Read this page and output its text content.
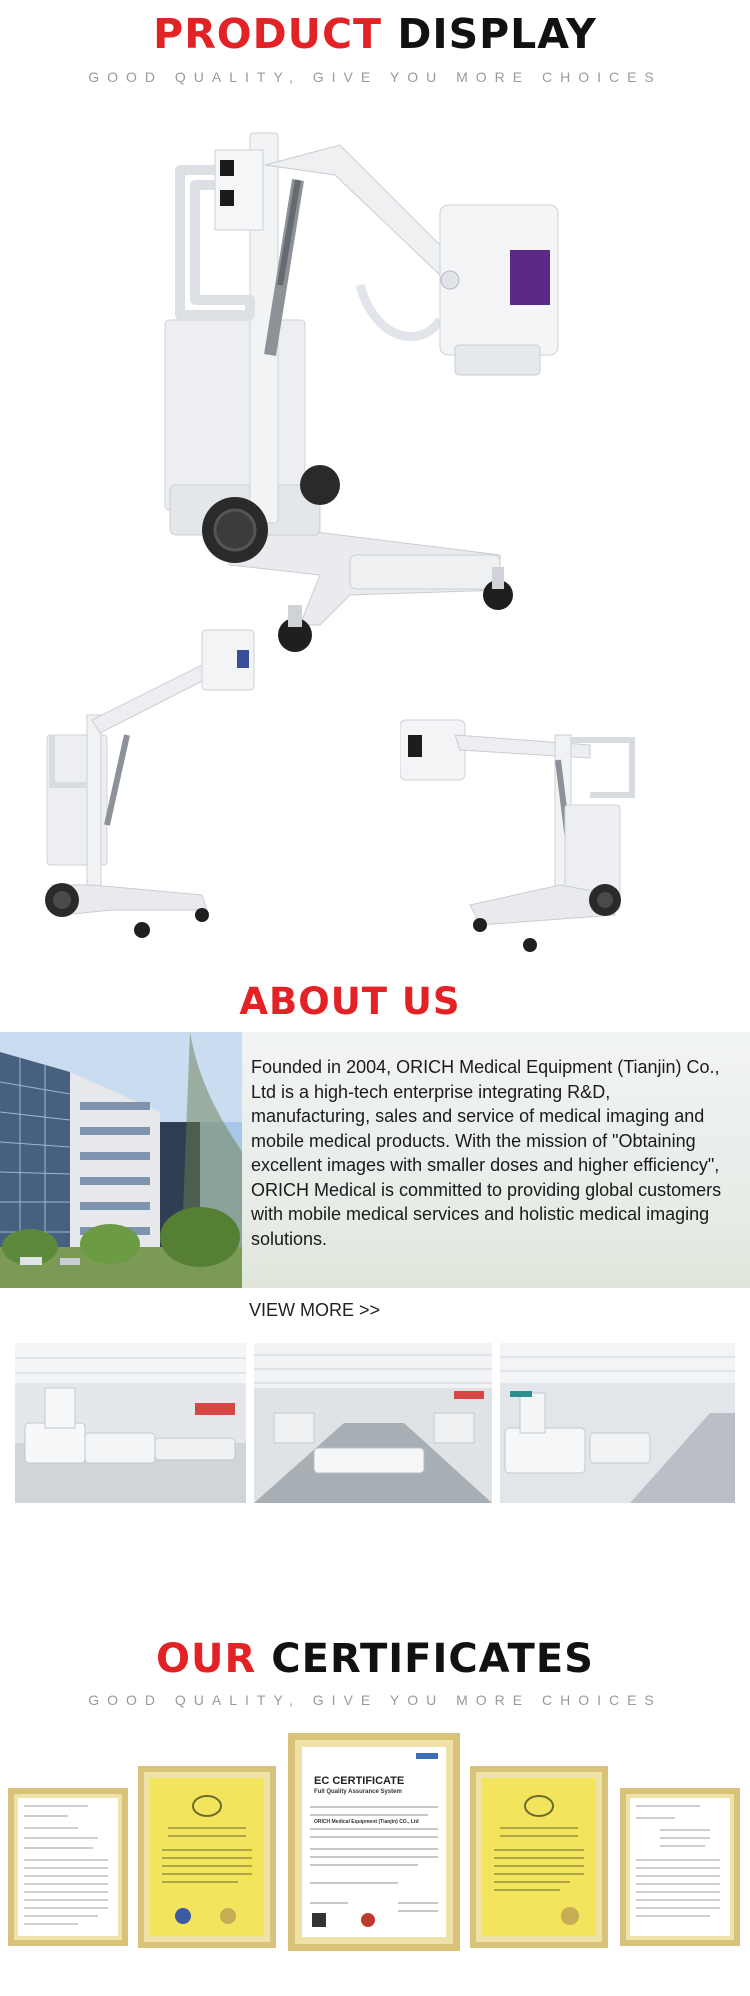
PRODUCT DISPLAY
GOOD QUALITY, GIVE YOU MORE CHOICES
ABOUT US

Founded in 2004, ORICH Medical Equipment (Tianjin) Co., Ltd is a high-tech enterprise integrating R&D, manufacturing, sales and service of medical imaging and mobile medical products. With the mission of "Obtaining excellent images with smaller doses and higher efficiency", ORICH Medical is committed to providing global customers with mobile medical services and holistic medical imaging solutions.

VIEW MORE >>
OUR CERTIFICATES
GOOD QUALITY, GIVE YOU MORE CHOICES
EC CERTIFICATE
Full Quality Assurance System
ORICH Medical Equipment (Tianjin) CO., Ltd
